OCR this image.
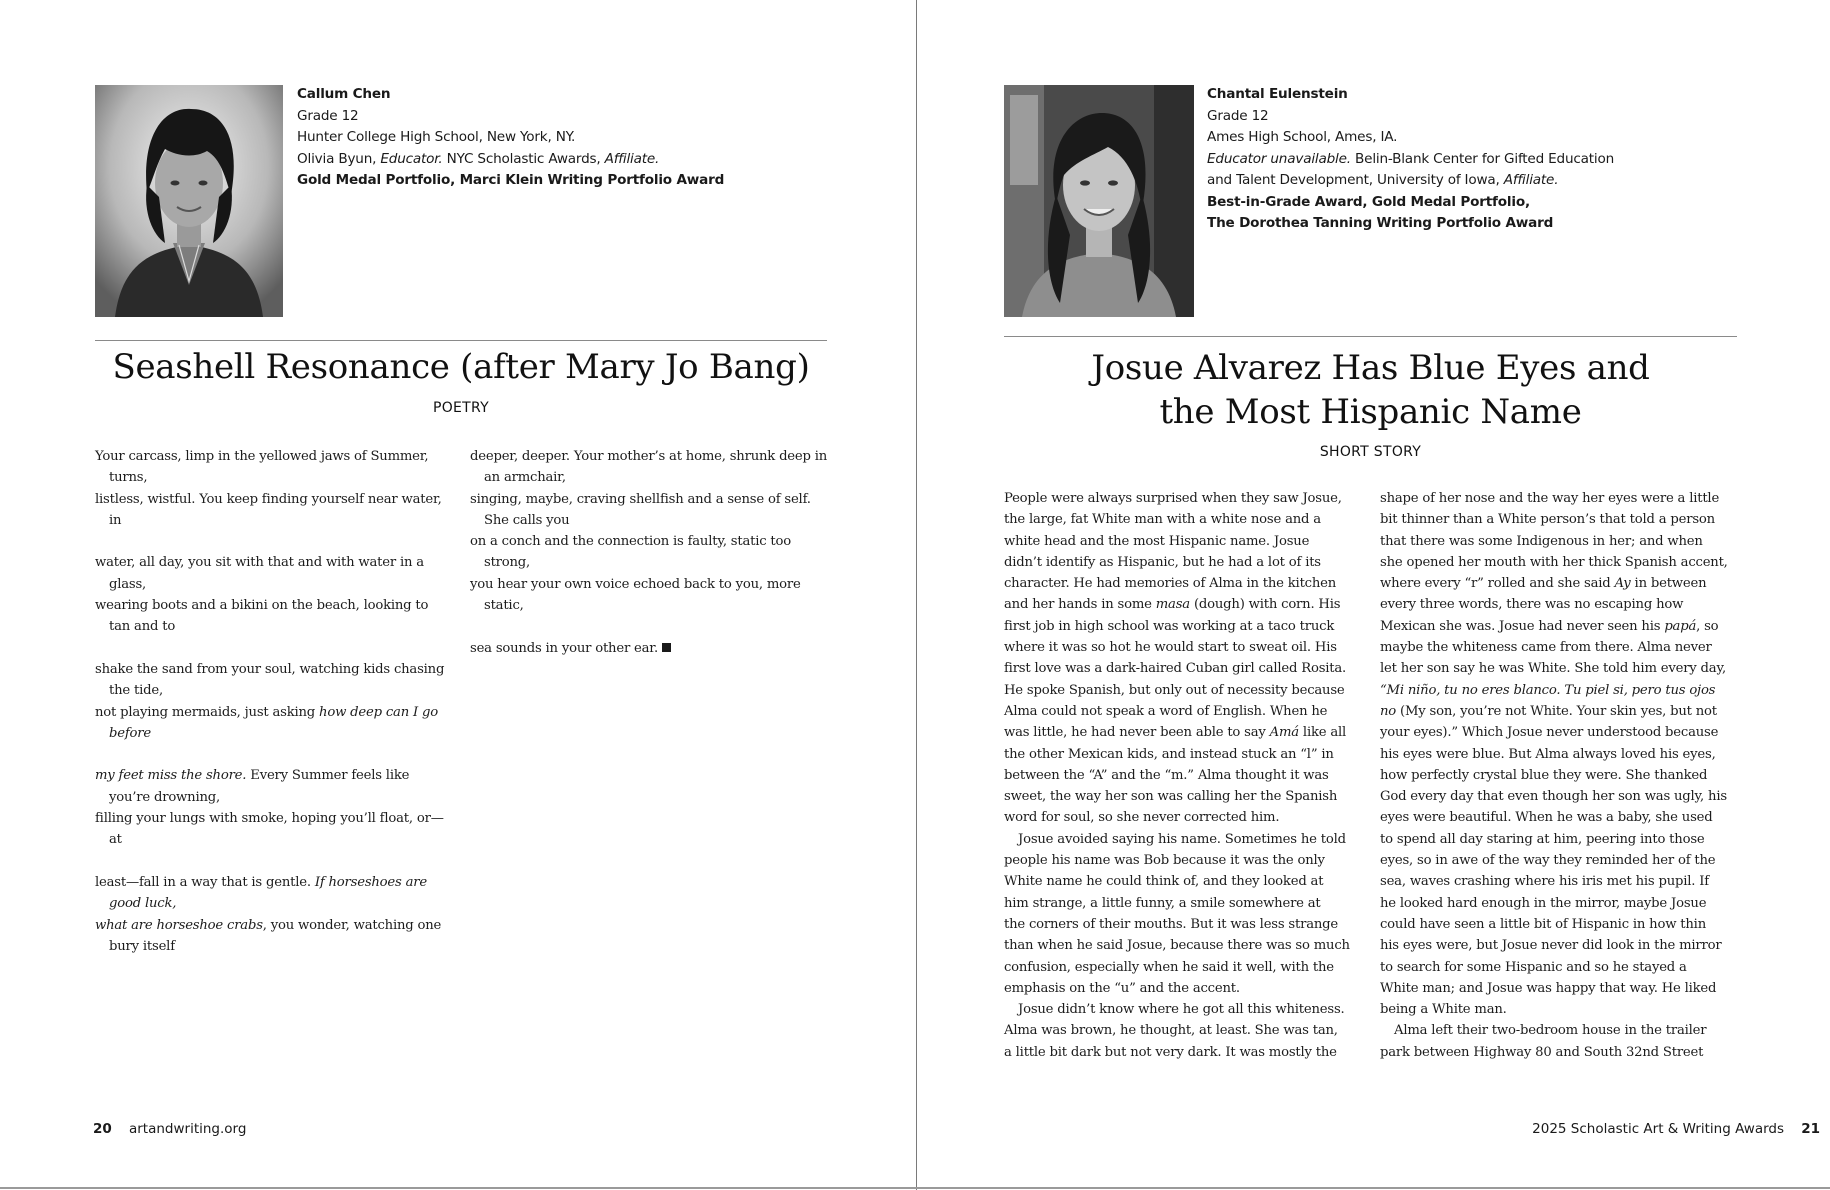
Callum Chen
Grade 12
Hunter College High School, New York, NY.
Olivia Byun, Educator. NYC Scholastic Awards, Affiliate.
Gold Medal Portfolio, Marci Klein Writing Portfolio Award
Seashell Resonance (after Mary Jo Bang)
POETRY
Your carcass, limp in the yellowed jaws of Summer, turns,
listless, wistful. You keep finding yourself near water, in
water, all day, you sit with that and with water in a glass,
wearing boots and a bikini on the beach, looking to tan and to
shake the sand from your soul, watching kids chasing the tide,
not playing mermaids, just asking how deep can I go before
my feet miss the shore. Every Summer feels like you’re drowning,
filling your lungs with smoke, hoping you’ll float, or—at
least—fall in a way that is gentle. If horseshoes are good luck,
what are horseshoe crabs, you wonder, watching one bury itself
deeper, deeper. Your mother’s at home, shrunk deep in an armchair,
singing, maybe, craving shellfish and a sense of self. She calls you
on a conch and the connection is faulty, static too strong,
you hear your own voice echoed back to you, more static,
sea sounds in your other ear.
20 artandwriting.org
Chantal Eulenstein
Grade 12
Ames High School, Ames, IA.
Educator unavailable. Belin-Blank Center for Gifted Education
and Talent Development, University of Iowa, Affiliate.
Best-in-Grade Award, Gold Medal Portfolio,
The Dorothea Tanning Writing Portfolio Award
Josue Alvarez Has Blue Eyes and
the Most Hispanic Name
SHORT STORY
People were always surprised when they saw Josue,
the large, fat White man with a white nose and a
white head and the most Hispanic name. Josue
didn’t identify as Hispanic, but he had a lot of its
character. He had memories of Alma in the kitchen
and her hands in some masa (dough) with corn. His
first job in high school was working at a taco truck
where it was so hot he would start to sweat oil. His
first love was a dark-haired Cuban girl called Rosita.
He spoke Spanish, but only out of necessity because
Alma could not speak a word of English. When he
was little, he had never been able to say Amá like all
the other Mexican kids, and instead stuck an “l” in
between the “A” and the “m.” Alma thought it was
sweet, the way her son was calling her the Spanish
word for soul, so she never corrected him.
Josue avoided saying his name. Sometimes he told
people his name was Bob because it was the only
White name he could think of, and they looked at
him strange, a little funny, a smile somewhere at
the corners of their mouths. But it was less strange
than when he said Josue, because there was so much
confusion, especially when he said it well, with the
emphasis on the “u” and the accent.
Josue didn’t know where he got all this whiteness.
Alma was brown, he thought, at least. She was tan,
a little bit dark but not very dark. It was mostly the
shape of her nose and the way her eyes were a little
bit thinner than a White person’s that told a person
that there was some Indigenous in her; and when
she opened her mouth with her thick Spanish accent,
where every “r” rolled and she said Ay in between
every three words, there was no escaping how
Mexican she was. Josue had never seen his papá, so
maybe the whiteness came from there. Alma never
let her son say he was White. She told him every day,
“Mi niño, tu no eres blanco. Tu piel si, pero tus ojos
no (My son, you’re not White. Your skin yes, but not
your eyes).” Which Josue never understood because
his eyes were blue. But Alma always loved his eyes,
how perfectly crystal blue they were. She thanked
God every day that even though her son was ugly, his
eyes were beautiful. When he was a baby, she used
to spend all day staring at him, peering into those
eyes, so in awe of the way they reminded her of the
sea, waves crashing where his iris met his pupil. If
he looked hard enough in the mirror, maybe Josue
could have seen a little bit of Hispanic in how thin
his eyes were, but Josue never did look in the mirror
to search for some Hispanic and so he stayed a
White man; and Josue was happy that way. He liked
being a White man.
Alma left their two-bedroom house in the trailer
park between Highway 80 and South 32nd Street
2025 Scholastic Art & Writing Awards 21
